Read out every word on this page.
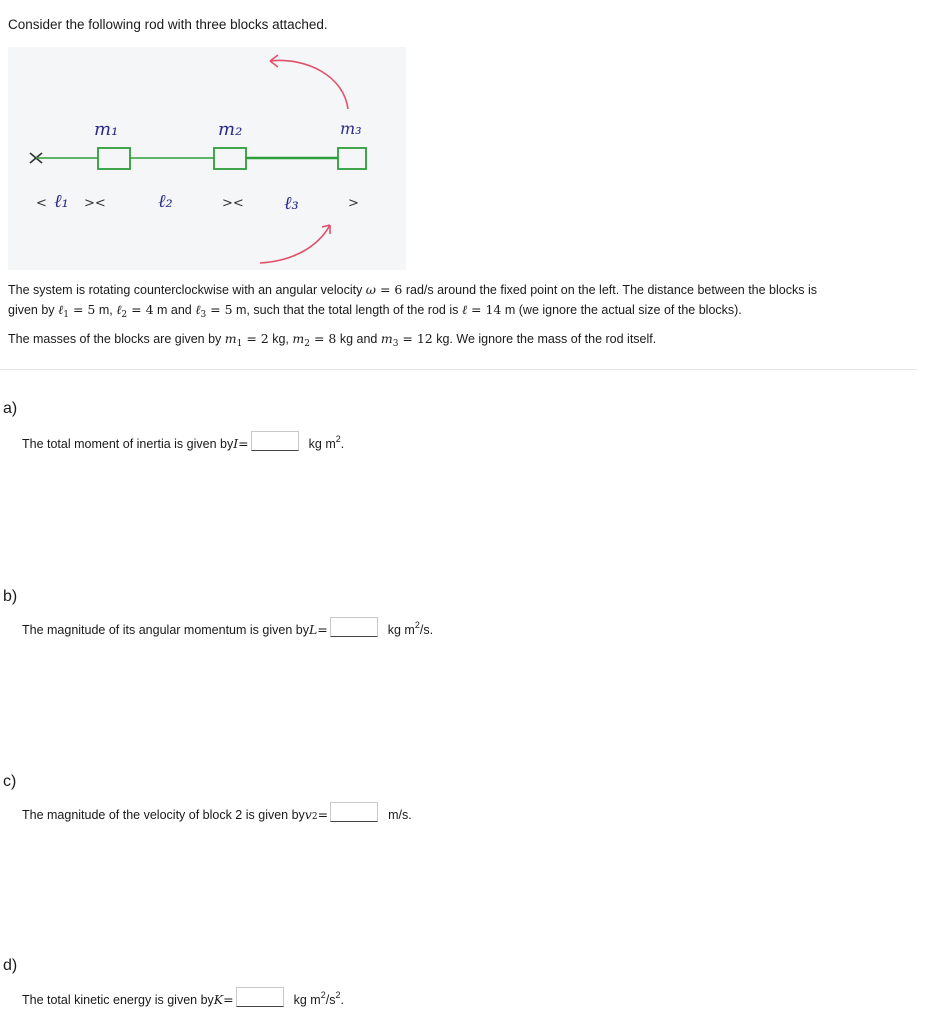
Consider the following rod with three blocks attached.
m₁	m₂	m₃
< ℓ₁ ><	ℓ₂	>< ℓ₃	>
The system is rotating counterclockwise with an angular velocity ω = 6 rad/s around the fixed point on the left. The distance between the blocks is
given by ℓ$_1$ = 5 m, ℓ$_2$ = 4 m and ℓ$_3$ = 5 m, such that the total length of the rod is ℓ = 14 m (we ignore the actual size of the blocks).
The masses of the blocks are given by $m_1 = 2$ kg, $m_2 = 8$ kg and $m_3 = 12$ kg. We ignore the mass of the rod itself.
a)
The total moment of inertia is given by I =	kg $m^2$.
b)
The magnitude of its angular momentum is given by L =	kg $m^2/s$.
c)
The magnitude of the velocity of block 2 is given by v 2 =	m/s.
d)
The total kinetic energy is given by K =	kg $m^2/s^2$.
